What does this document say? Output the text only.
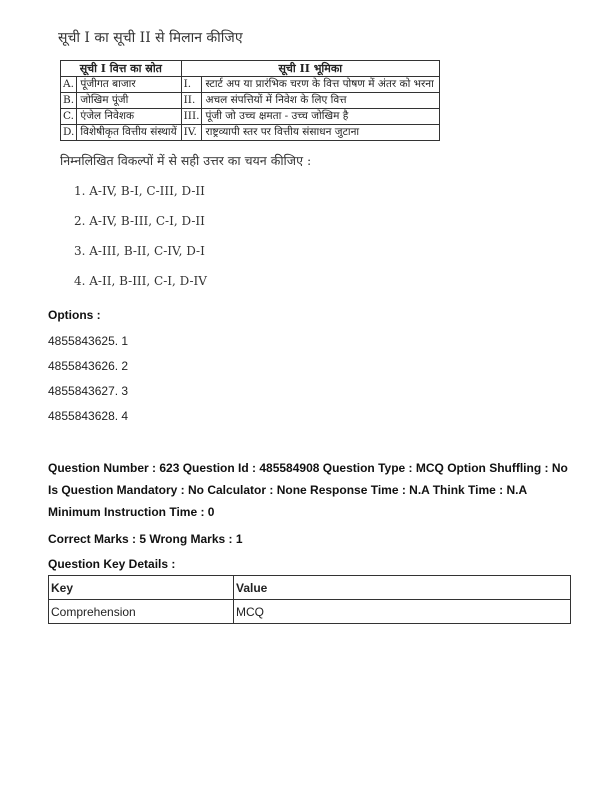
सूची I का सूची II से मिलान कीजिए
सूची I वित्त का स्रोत		सूची II भूमिका	
A.	पूंजीगत बाजार	I.	स्टार्ट अप या प्रारंभिक चरण के वित्त पोषण में अंतर को भरना
B.	जोखिम पूंजी	II.	अचल संपत्तियों में निवेश के लिए वित्त
C.	एंजेल निवेशक	III.	पूंजी जो उच्च क्षमता - उच्च जोखिम है
D.	विशेषीकृत वित्तीय संस्थायें	IV.	राष्ट्रव्यापी स्तर पर वित्तीय संसाधन जुटाना
निम्नलिखित विकल्पों में से सही उत्तर का चयन कीजिए :
1. A-IV, B-I, C-III, D-II
2. A-IV, B-III, C-I, D-II
3. A-III, B-II, C-IV, D-I
4. A-II, B-III, C-I, D-IV
Options :
4855843625. 1
4855843626. 2
4855843627. 3
4855843628. 4
Question Number : 623 Question Id : 485584908 Question Type : MCQ Option Shuffling : No Is Question Mandatory : No Calculator : None Response Time : N.A Think Time : N.A Minimum Instruction Time : 0
Correct Marks : 5 Wrong Marks : 1
Question Key Details :
Key	Value
Comprehension	MCQ
